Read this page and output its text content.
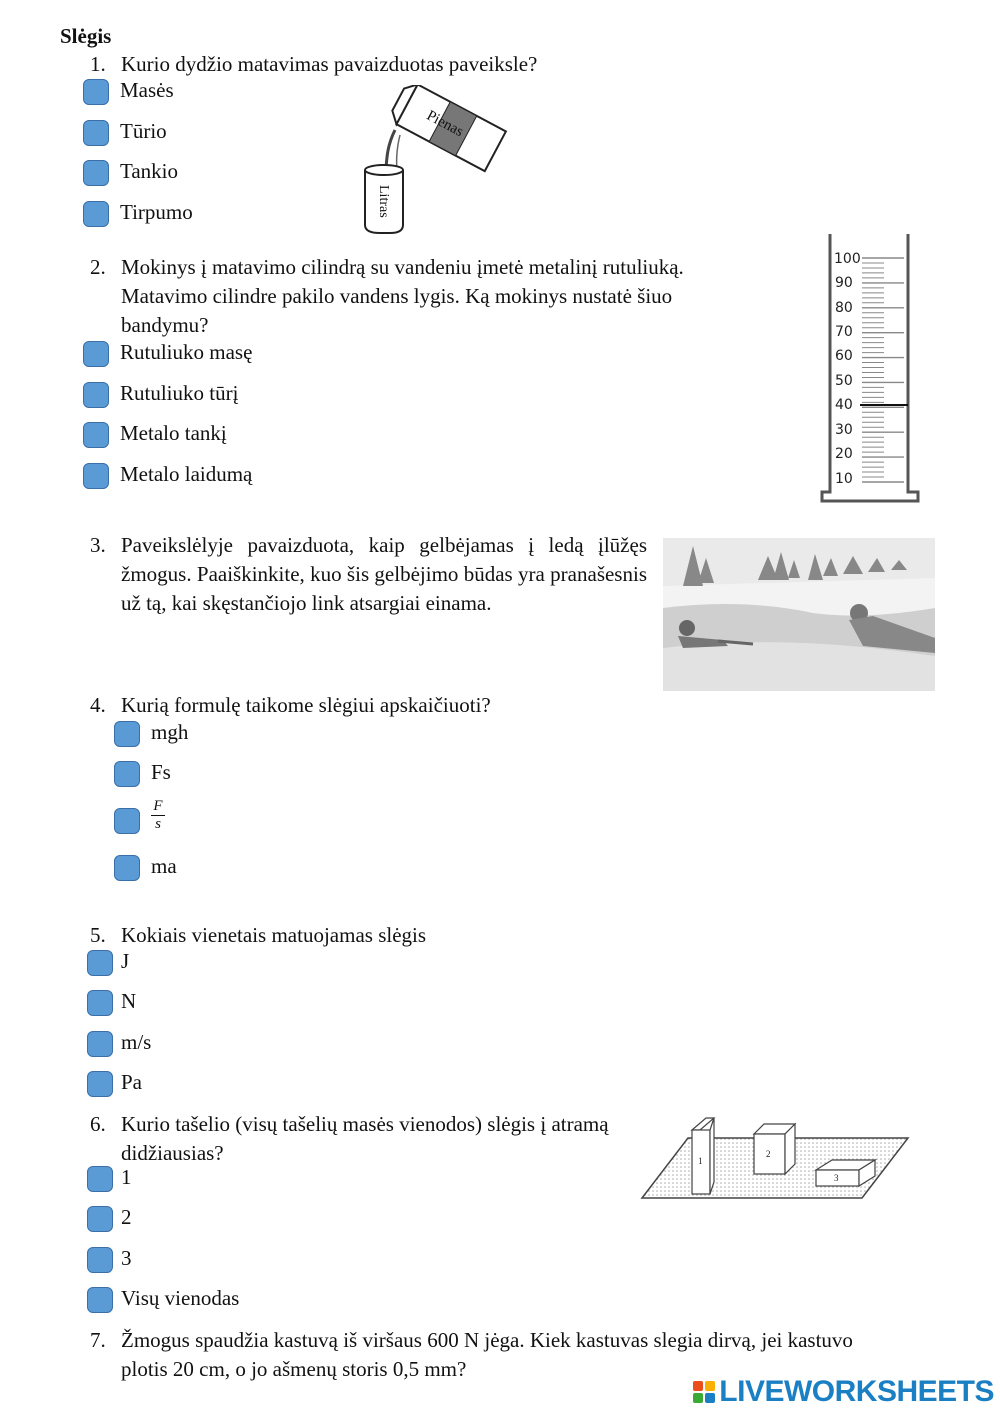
Slėgis
1. Kurio dydžio matavimas pavaizduotas paveiksle?
Masės
Tūrio
Tankio
Tirpumo
Pienas
Litras
2. Mokinys į matavimo cilindrą su vandeniu įmetė metalinį rutuliuką. Matavimo cilindre pakilo vandens lygis. Ką mokinys nustatė šiuo bandymu?
Rutuliuko masę
Rutuliuko tūrį
Metalo tankį
Metalo laidumą
100
90
80
70
60
50
40
30
20
10
3. Paveikslėlyje pavaizduota, kaip gelbėjamas į ledą įlūžęs žmogus. Paaiškinkite, kuo šis gelbėjimo būdas yra pranašesnis už tą, kai skęstančiojo link atsargiai einama.
4. Kurią formulę taikome slėgiui apskaičiuoti?
mgh
Fs
$\frac{F}{s}$
ma
5. Kokiais vienetais matuojamas slėgis
J
N
m/s
Pa
6. Kurio tašelio (visų tašelių masės vienodos) slėgis į atramą didžiausias?
1
2
3
Visų vienodas
1
2
3
7. Žmogus spaudžia kastuvą iš viršaus 600 N jėga. Kiek kastuvas slegia dirvą, jei kastuvo plotis 20 cm, o jo ašmenų storis 0,5 mm?
LIVEWORKSHEETS
